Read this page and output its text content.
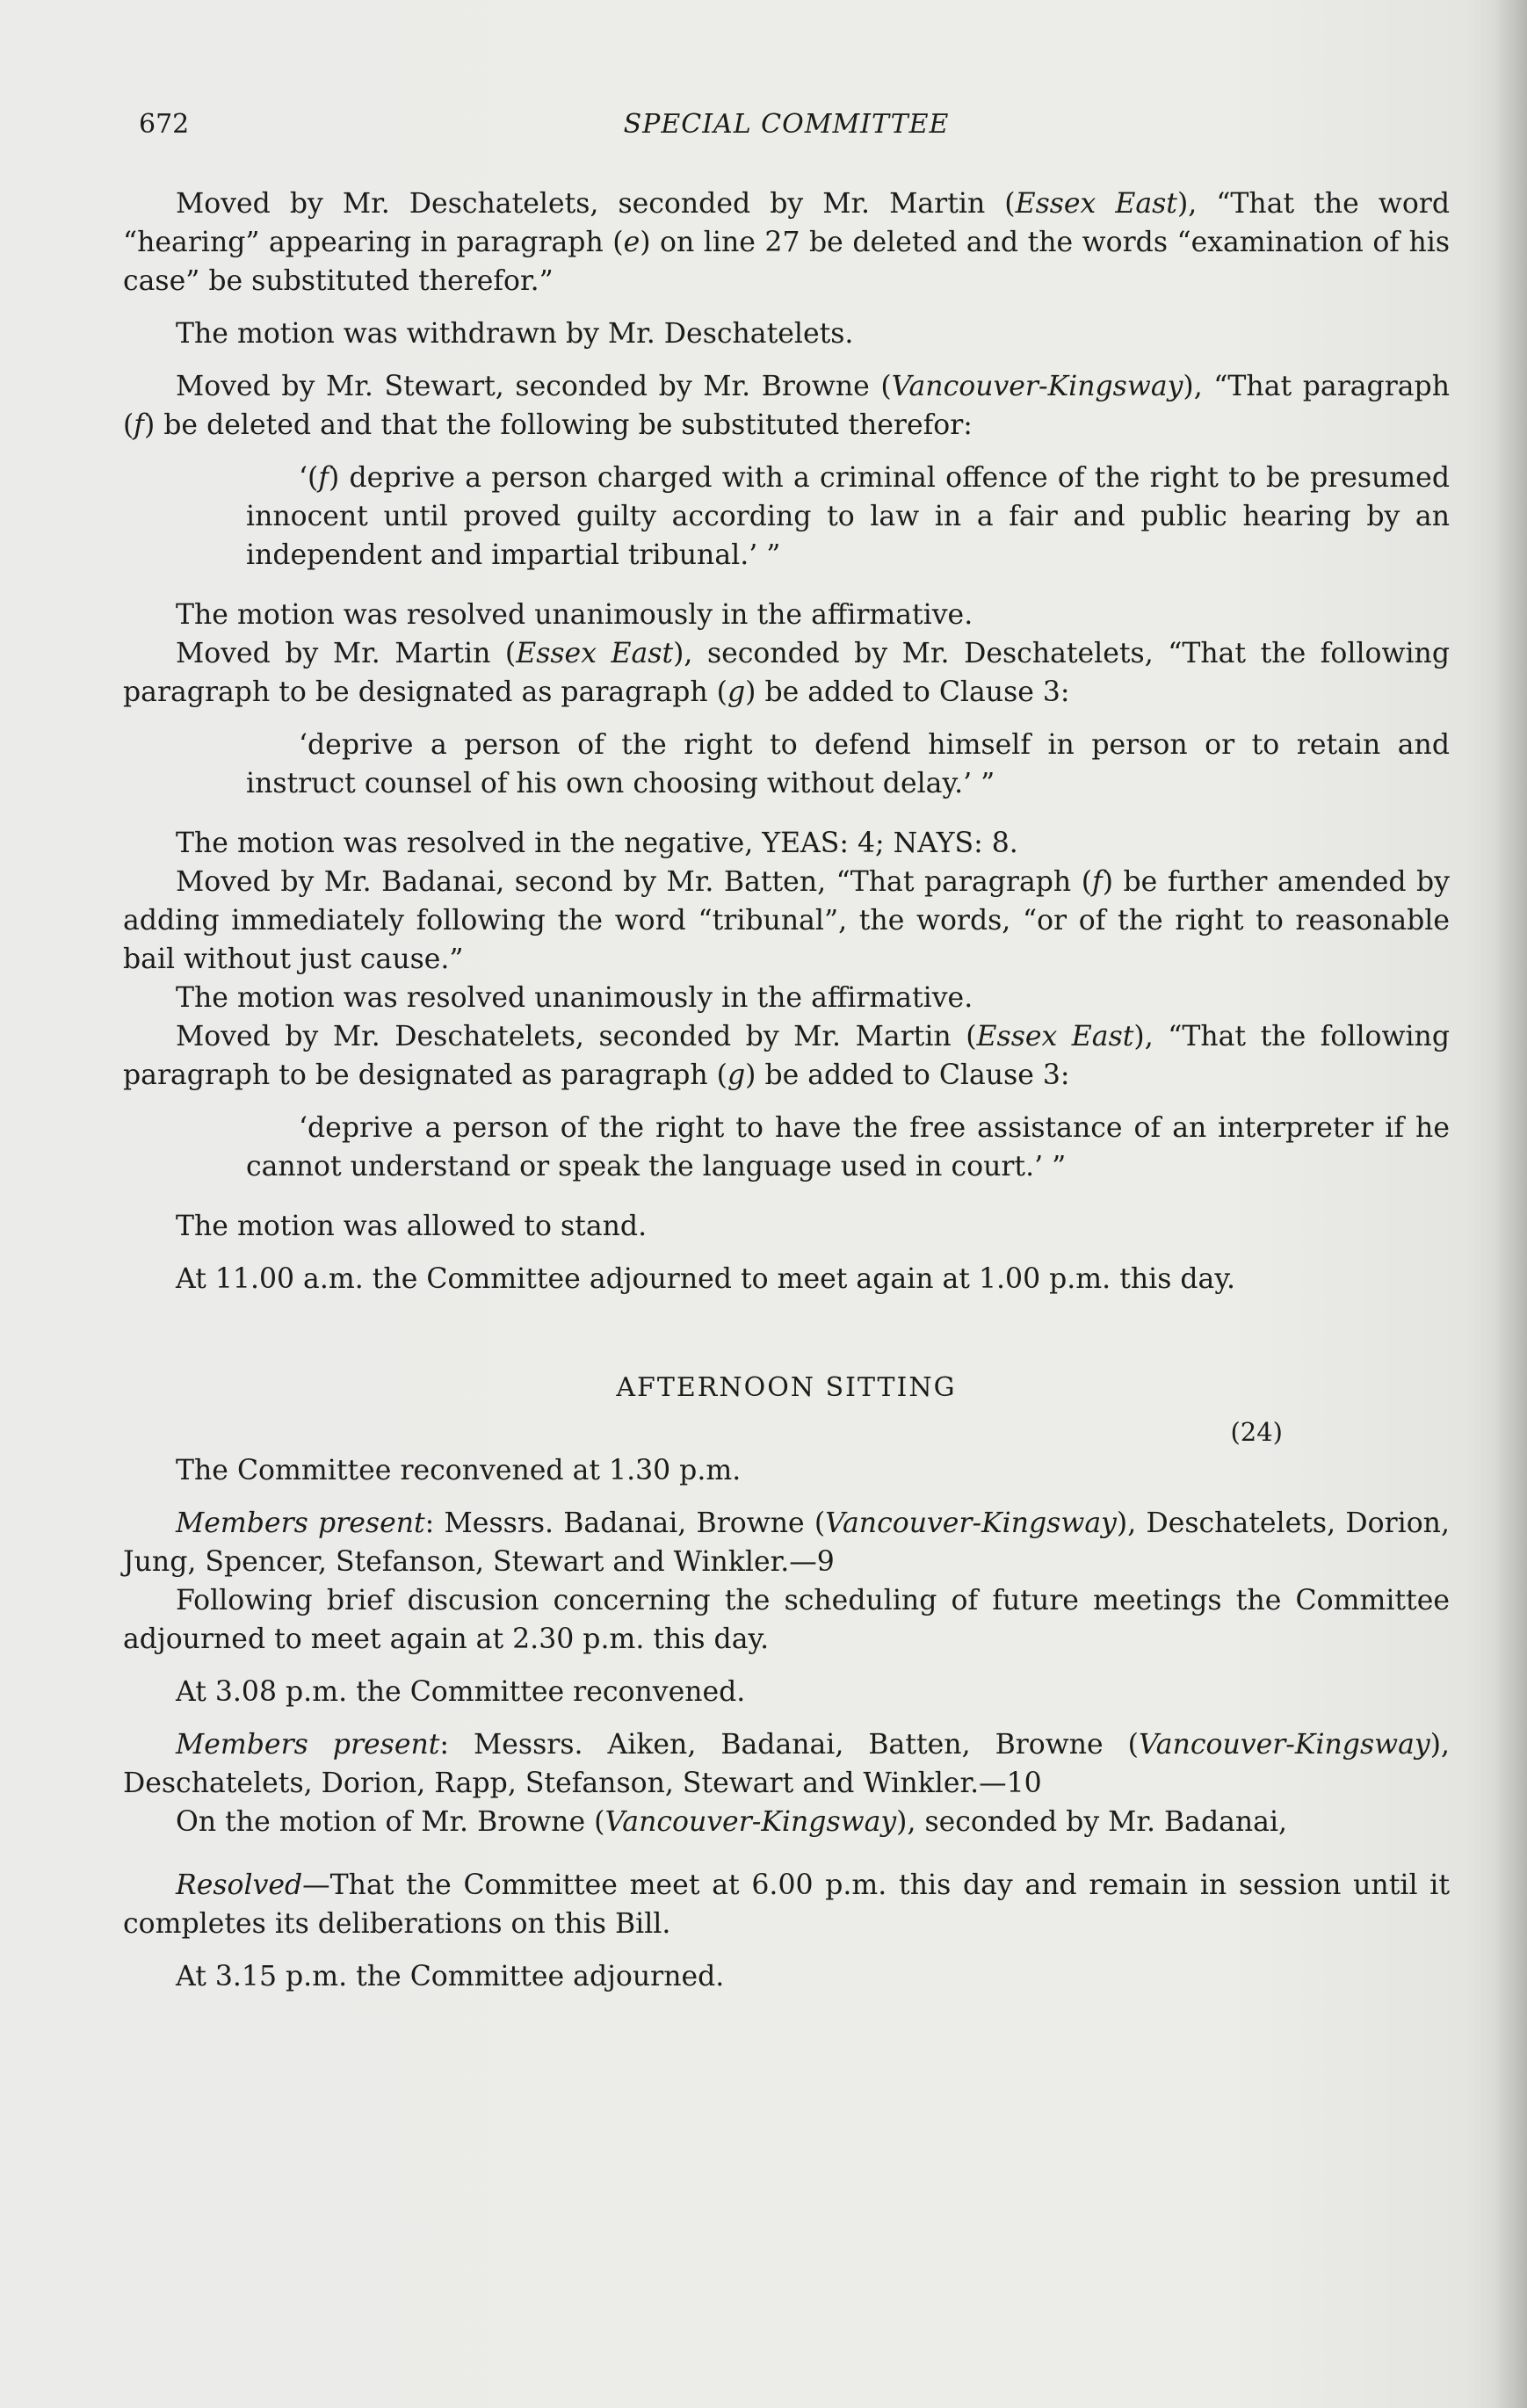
672	SPECIAL COMMITTEE

Moved by Mr. Deschatelets, seconded by Mr. Martin (Essex East), “That the word “hearing” appearing in paragraph (e) on line 27 be deleted and the words “examination of his case” be substituted therefor.”

The motion was withdrawn by Mr. Deschatelets.

Moved by Mr. Stewart, seconded by Mr. Browne (Vancouver-Kingsway), “That paragraph (f) be deleted and that the following be substituted therefor:

‘(f) deprive a person charged with a criminal offence of the right to be presumed innocent until proved guilty according to law in a fair and public hearing by an independent and impartial tribunal.’ ”

The motion was resolved unanimously in the affirmative.

Moved by Mr. Martin (Essex East), seconded by Mr. Deschatelets, “That the following paragraph to be designated as paragraph (g) be added to Clause 3:

‘deprive a person of the right to defend himself in person or to retain and instruct counsel of his own choosing without delay.’ ”

The motion was resolved in the negative, YEAS: 4; NAYS: 8.

Moved by Mr. Badanai, second by Mr. Batten, “That paragraph (f) be further amended by adding immediately following the word “tribunal”, the words, “or of the right to reasonable bail without just cause.”

The motion was resolved unanimously in the affirmative.

Moved by Mr. Deschatelets, seconded by Mr. Martin (Essex East), “That the following paragraph to be designated as paragraph (g) be added to Clause 3:

‘deprive a person of the right to have the free assistance of an interpreter if he cannot understand or speak the language used in court.’ ”

The motion was allowed to stand.

At 11.00 a.m. the Committee adjourned to meet again at 1.00 p.m. this day.

AFTERNOON SITTING

(24)

The Committee reconvened at 1.30 p.m.

Members present: Messrs. Badanai, Browne (Vancouver-Kingsway), Deschatelets, Dorion, Jung, Spencer, Stefanson, Stewart and Winkler.—9

Following brief discusion concerning the scheduling of future meetings the Committee adjourned to meet again at 2.30 p.m. this day.

At 3.08 p.m. the Committee reconvened.

Members present: Messrs. Aiken, Badanai, Batten, Browne (Vancouver-Kingsway), Deschatelets, Dorion, Rapp, Stefanson, Stewart and Winkler.—10

On the motion of Mr. Browne (Vancouver-Kingsway), seconded by Mr. Badanai,

Resolved—That the Committee meet at 6.00 p.m. this day and remain in session until it completes its deliberations on this Bill.

At 3.15 p.m. the Committee adjourned.
